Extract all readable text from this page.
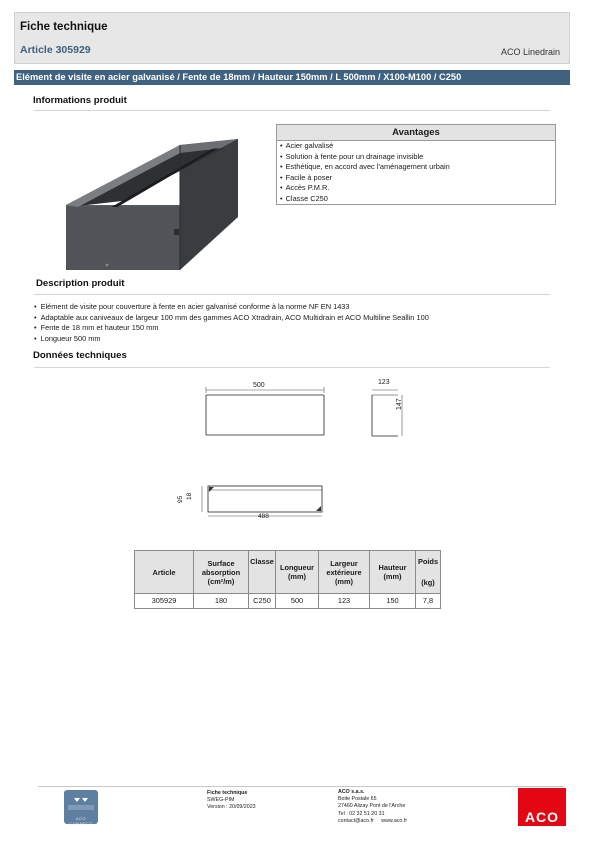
Fiche technique
Article 305929	ACO Linedrain
Elément de visite en acier galvanisé / Fente de 18mm / Hauteur 150mm / L 500mm / X100-M100 / C250
Informations produit
Avantages
• Acier galvalisé
• Solution à fente pour un drainage invisible
• Esthétique, en accord avec l'aménagement urbain
• Facile à poser
• Accès P.M.R.
• Classe C250
Description produit
• Elément de visite pour couverture à fente en acier galvanisé conforme à la norme NF EN 1433
• Adaptable aux caniveaux de largeur 100 mm des gammes ACO Xtradrain, ACO Multidrain et ACO Multiline Seallin 100
• Fente de 18 mm et hauteur 150 mm
• Longueur 500 mm
Données techniques
500	123
147
95 18
488
Article	Surface absorption (cm²/m)	Classe	Longueur (mm)	Largeur extérieure (mm)	Hauteur (mm)	Poids
(kg)

305929	180	C250	500	123	150	7,8
ACO CONNECT
Fiche technique
SWEG-PIM
Version : 20/09/2023
ACO s.a.s.
Boite Postale 65
27460 Alizay Pont de l'Arche
Tel : 02 32 51 20 31
contact@aco.fr www.aco.fr	ACO
